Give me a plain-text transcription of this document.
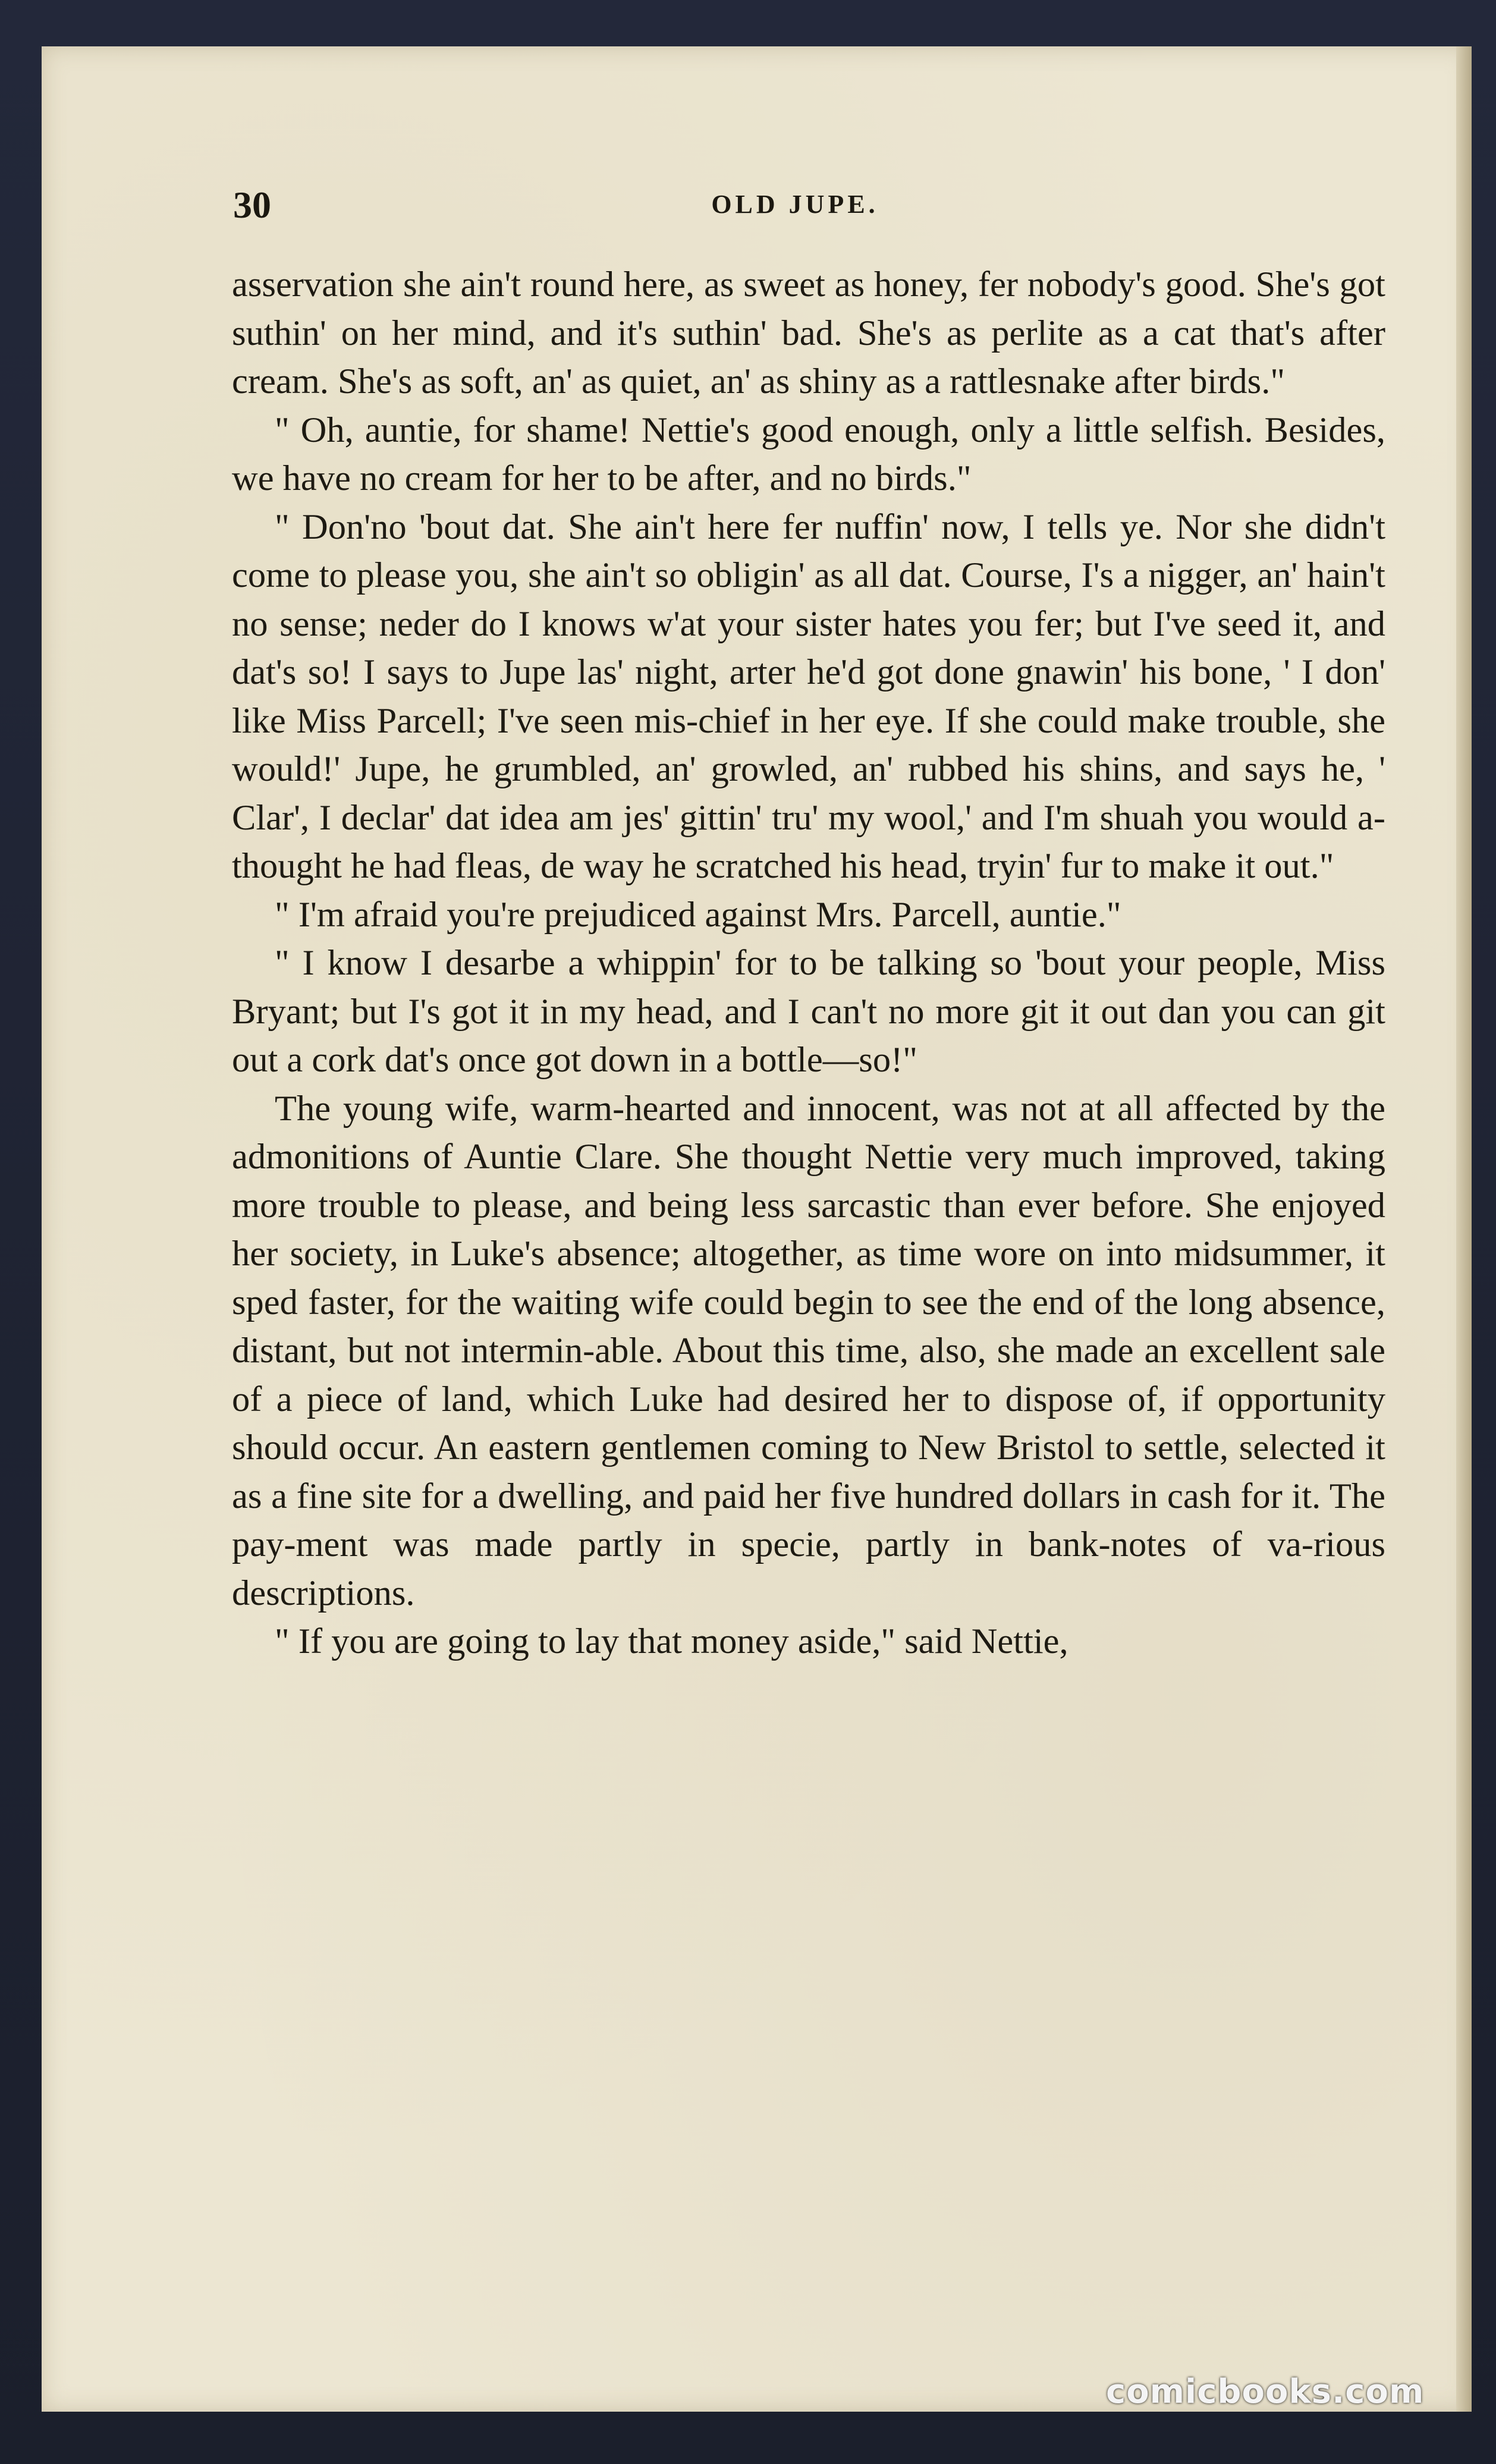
30	OLD JUPE.

asservation she ain't round here, as sweet as honey, fer nobody's good. She's got suthin' on her mind, and it's suthin' bad. She's as perlite as a cat that's after cream. She's as soft, an' as quiet, an' as shiny as a rattlesnake after birds."

" Oh, auntie, for shame! Nettie's good enough, only a little selfish. Besides, we have no cream for her to be after, and no birds."

" Don'no 'bout dat. She ain't here fer nuffin' now, I tells ye. Nor she didn't come to please you, she ain't so obligin' as all dat. Course, I's a nigger, an' hain't no sense; neder do I knows w'at your sister hates you fer; but I've seed it, and dat's so! I says to Jupe las' night, arter he'd got done gnawin' his bone, ' I don' like Miss Parcell; I've seen mis-chief in her eye. If she could make trouble, she would!' Jupe, he grumbled, an' growled, an' rubbed his shins, and says he, ' Clar', I declar' dat idea am jes' gittin' tru' my wool,' and I'm shuah you would a-thought he had fleas, de way he scratched his head, tryin' fur to make it out."

" I'm afraid you're prejudiced against Mrs. Parcell, auntie."

" I know I desarbe a whippin' for to be talking so 'bout your people, Miss Bryant; but I's got it in my head, and I can't no more git it out dan you can git out a cork dat's once got down in a bottle—so!"

The young wife, warm-hearted and innocent, was not at all affected by the admonitions of Auntie Clare. She thought Nettie very much improved, taking more trouble to please, and being less sarcastic than ever before. She enjoyed her society, in Luke's absence; altogether, as time wore on into midsummer, it sped faster, for the waiting wife could begin to see the end of the long absence, distant, but not intermin-able. About this time, also, she made an excellent sale of a piece of land, which Luke had desired her to dispose of, if opportunity should occur. An eastern gentlemen coming to New Bristol to settle, selected it as a fine site for a dwelling, and paid her five hundred dollars in cash for it. The pay-ment was made partly in specie, partly in bank-notes of va-rious descriptions.

" If you are going to lay that money aside," said Nettie,

comicbooks.com
